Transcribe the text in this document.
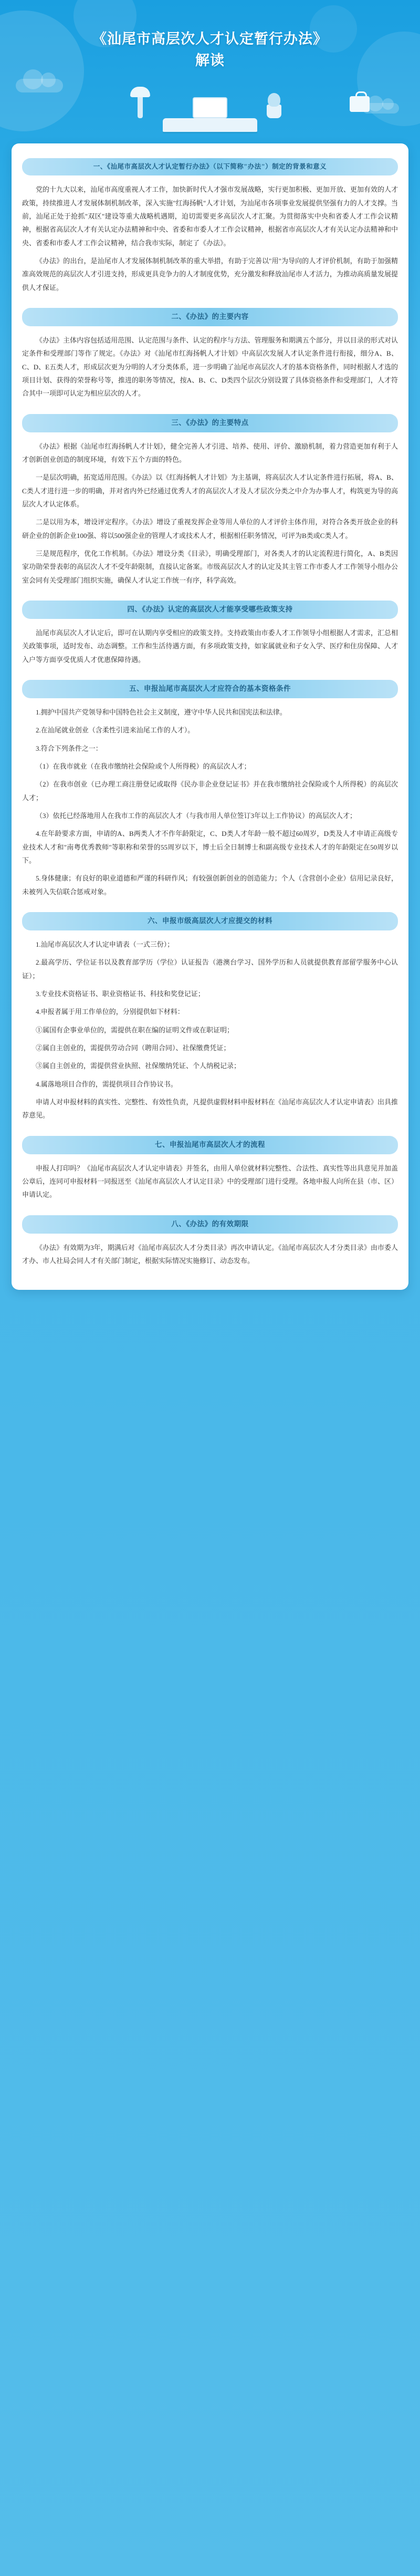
《汕尾市高层次人才认定暂行办法》
解读
一、《汕尾市高层次人才认定暂行办法》（以下简称"办法"）制定的背景和意义

党的十九大以来，汕尾市高度重视人才工作，加快新时代人才强市发展战略，实行更加积极、更加开放、更加有效的人才政策，持续推进人才发展体制机制改革，深入实施"红海扬帆"人才计划，为汕尾市各项事业发展提供坚强有力的人才支撑。当前，汕尾正处于抢抓"双区"建设等重大战略机遇期，迫切需要更多高层次人才汇聚。为贯彻落实中央和省委人才工作会议精神，根据省高层次人才有关认定办法精神和中央、省委和市委人才工作会议精神，根据省市高层次人才有关认定办法精神和中央、省委和市委人才工作会议精神，结合我市实际，制定了《办法》。

《办法》的出台，是汕尾市人才发展体制机制改革的重大举措，有助于完善以"用"为导向的人才评价机制，有助于加强精准高效规范的高层次人才引进支持，形成更具竞争力的人才制度优势，充分激发和释放汕尾市人才活力，为推动高质量发展提供人才保证。

二、《办法》的主要内容

《办法》主体内容包括适用范围、认定范围与条件、认定的程序与方法、管理服务和期满五个部分，并以目录的形式对认定条件和受理部门等作了规定。《办法》对《汕尾市红海扬帆人才计划》中高层次发展人才认定条件进行衔接，细分A、B、C、D、E五类人才，形成层次更为分明的人才分类体系，进一步明确了汕尾市高层次人才的基本资格条件，同时根据人才选的项目计划、获得的荣誉称号等，推进的职务等情况，按A、B、C、D类四个层次分别设置了具体资格条件和受理部门，人才符合其中一项即可认定为相应层次的人才。

三、《办法》的主要特点

《办法》根据《汕尾市红海扬帆人才计划》，健全完善人才引进、培养、使用、评价、激励机制，着力营造更加有利于人才创新创业创造的制度环境，有效下五个方面的特色。

一是层次明确，拓宽适用范围。《办法》以《红海扬帆人才计划》为主基调，将高层次人才认定条件进行拓展，将A、B、C类人才进行进一步的明确，并对省内外已经通过优秀人才的高层次人才及人才层次分类之中介为办事人才，构筑更为导的高层次人才认定体系。

二是以用为本，增设评定程序。《办法》增设了重视发挥企业等用人单位的人才评价主体作用，对符合各类开放企业的科研企业的创新企业100强、将以500强企业的管理人才或技术人才，根据相任职务情况，可评为B类或C类人才。

三是规范程序，优化工作机制。《办法》增设分类《目录》，明确受理部门，对各类人才的认定流程进行简化，A、B类因家功勋荣誉表彰的高层次人才不受年龄限制，直接认定备案。市级高层次人才的认定及其主管工作市委人才工作领导小组办公室会同有关受理部门组织实施，确保人才认定工作统一有序，科学高效。

四、《办法》认定的高层次人才能享受哪些政策支持

汕尾市高层次人才认定后，即可在认期内享受相应的政策支持。支持政策由市委人才工作领导小组根据人才需求，汇总相关政策事项，适时发布、动态调整。工作和生活待遇方面，有多项政策支持，如家属就业和子女入学、医疗和住房保障、人才入户等方面享受优质人才优惠保障待遇。

五、申报汕尾市高层次人才应符合的基本资格条件

1.拥护中国共产党领导和中国特色社会主义制度，遵守中华人民共和国宪法和法律。

2.在汕尾就业创业（含柔性引进来汕尾工作的人才）。

3.符合下列条件之一：

（1）在我市就业（在我市缴纳社会保险或个人所得税）的高层次人才；

（2）在我市创业（已办理工商注册登记或取得《民办非企业登记证书》并在我市缴纳社会保险或个人所得税）的高层次人才；

（3）依托已经落地用人在我市工作的高层次人才（与我市用人单位签订3年以上工作协议）的高层次人才；

4.在年龄要求方面，申请的A、B两类人才不作年龄限定，C、D类人才年龄一般不超过60周岁，D类及人才申请正高级专业技术人才和"南粤优秀教师"等职称和荣誉的55周岁以下，博士后全日制博士和副高级专业技术人才的年龄限定在50周岁以下。

5.身体健康；有良好的职业道德和严谨的科研作风；有较强创新创业的创造能力；个人（含营创小企业）信用记录良好，未被列入失信联合惩戒对象。

六、申报市级高层次人才应提交的材料

1.汕尾市高层次人才认定申请表（一式三份）；

2.最高学历、学位证书以及教育部学历（学位）认证报告（港澳台学习、国外学历和人员就提供教育部留学服务中心认证）；

3.专业技术资格证书、职业资格证书、科技和奖登记证；

4.申报者属于用工作单位的，分别提供如下材料：

①属国有企事业单位的，需提供在职在编的证明文件或在职证明；

②属自主创业的，需提供劳动合同（聘用合同）、社保缴费凭证；

③属自主创业的，需提供营业执照、社保缴纳凭证、个人纳税记录；

4.属落地项目合作的，需提供项目合作协议书。

申请人对申报材料的真实性、完整性、有效性负责，凡提供虚假材料申报材料在《汕尾市高层次人才认定申请表》出具推荐意见。

七、申报汕尾市高层次人才的流程

申报人打印吗？《汕尾市高层次人才认定申请表》并签名，由用人单位就材料完整性、合法性、真实性等出具意见并加盖公章后，连同可申报材料一同报送至《汕尾市高层次人才认定目录》中的受理部门进行受理。各地申报人向所在县（市、区）申请认定。

八、《办法》的有效期限

《办法》有效期为3年，期满后对《汕尾市高层次人才分类目录》再次申请认定。《汕尾市高层次人才分类目录》由市委人才办、市人社局会同人才有关部门制定，根据实际情况实施修订、动态发布。
